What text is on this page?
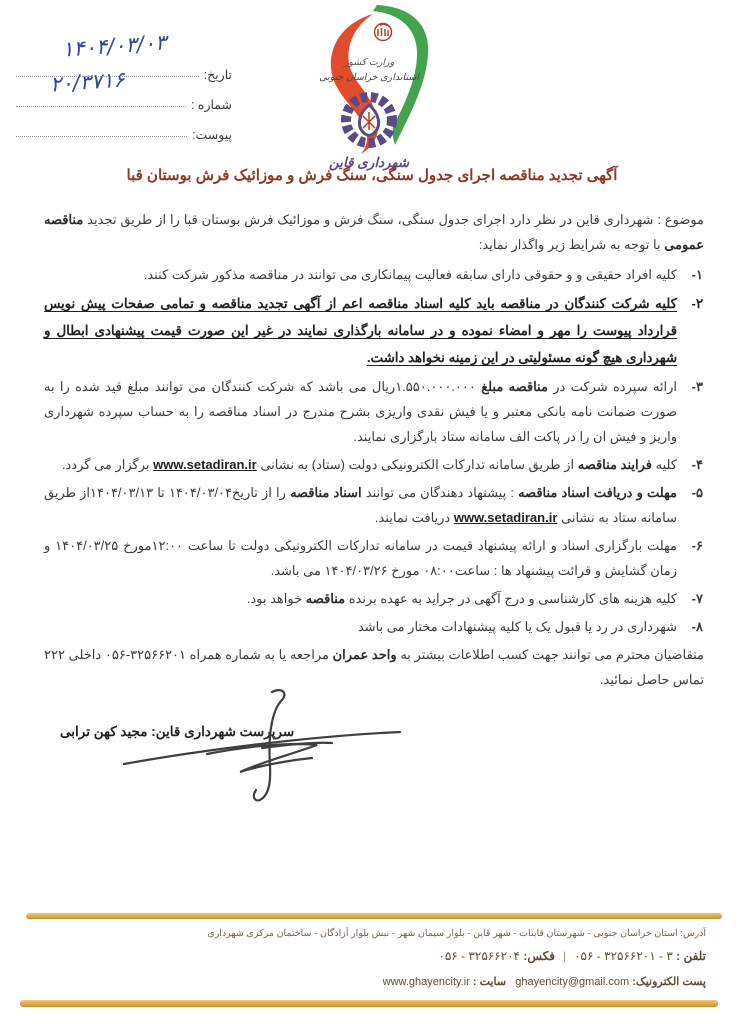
۱۴۰۴/۰۳/۰۳
۲۰/۳۷۱۶	تاریخ:
شماره :
پیوست:
وزارت کشور
استانداری خراسان جنوبی
شهرداری قاین
آگهی تجدید مناقصه اجرای جدول سنگی، سنگ فرش و موزائیک فرش بوستان قبا

موضوع : شهرداری قاین در نظر دارد اجرای جدول سنگی، سنگ فرش و موزائیک فرش بوستان قبا را از طریق تجدید مناقصه عمومی با توجه به شرایط زیر واگذار نماید:

۱-
کلیه افراد حقیقی و و حقوقی دارای سابقه فعالیت پیمانکاری می توانند در مناقصه مذکور شرکت کنند.
۲-
کلیه شرکت کنندگان در مناقصه باید کلیه اسناد مناقصه اعم از آگهی تجدید مناقصه و تمامی صفحات پیش نویس قرارداد پیوست را مهر و امضاء نموده و در سامانه بارگذاری نمایند در غیر این صورت قیمت پیشنهادی ابطال و شهرداری هیچ گونه مسئولیتی در این زمینه نخواهد داشت.
۳-
ارائه سپرده شرکت در مناقصه مبلغ ۱.۵۵۰.۰۰۰.۰۰۰ریال می باشد که شرکت کنندگان می توانند مبلغ قید شده را به صورت ضمانت نامه بانکی معتبر و یا فیش نقدی واریزی بشرح مندرج در اسناد مناقصه را به حساب سپرده شهرداری واریز و فیش ان را در پاکت الف سامانه ستاد بارگزاری نمایند.
۴-
کلیه فرایند مناقصه از طریق سامانه تدارکات الکترونیکی دولت (ستاد) به نشانی www.setadiran.ir برگزار می گردد.
۵-
مهلت و دریافت اسناد مناقصه : پیشنهاد دهندگان می توانند اسناد مناقصه را از تاریخ۱۴۰۴/۰۳/۰۴ تا ۱۴۰۴/۰۳/۱۳از طریق سامانه ستاد به نشانی www.setadiran.ir دریافت نمایند.
۶-
مهلت بارگزاری اسناد و ارائه پیشنهاد قیمت در سامانه تدارکات الکترونیکی دولت تا ساعت ۱۲:۰۰مورخ ۱۴۰۴/۰۳/۲۵ و زمان گشایش و قرائت پیشنهاد ها : ساعت۰۸:۰۰ مورخ ۱۴۰۴/۰۳/۲۶ می باشد.
۷-
کلیه هزینه های کارشناسی و درج آگهی در جراید به عهده برنده مناقصه خواهد بود.
۸-
شهرداری در رد یا قبول یک یا کلیه پیشنهادات مختار می باشد

متقاضیان محترم می توانند جهت کسب اطلاعات بیشتر به واحد عمران مراجعه یا به شماره همراه ۳۲۵۶۶۲۰۱-۰۵۶ داخلی ۲۲۲ تماس حاصل نمائید.

سرپرست شهرداری قاین: مجید کهن ترابی
آدرس: استان خراسان جنوبی - شهرستان قاینات - شهر قاین - بلوار سیمان شهر - نبش بلوار آزادگان - ساختمان مرکزی شهرداری
تلفن : ۳ - ۳۲۵۶۶۲۰۱ - ۰۵۶|فکس: ۳۲۵۶۶۲۰۴ - ۰۵۶
پست الکترونیک: ghayencity@gmail.com   سایت : www.ghayencity.ir
